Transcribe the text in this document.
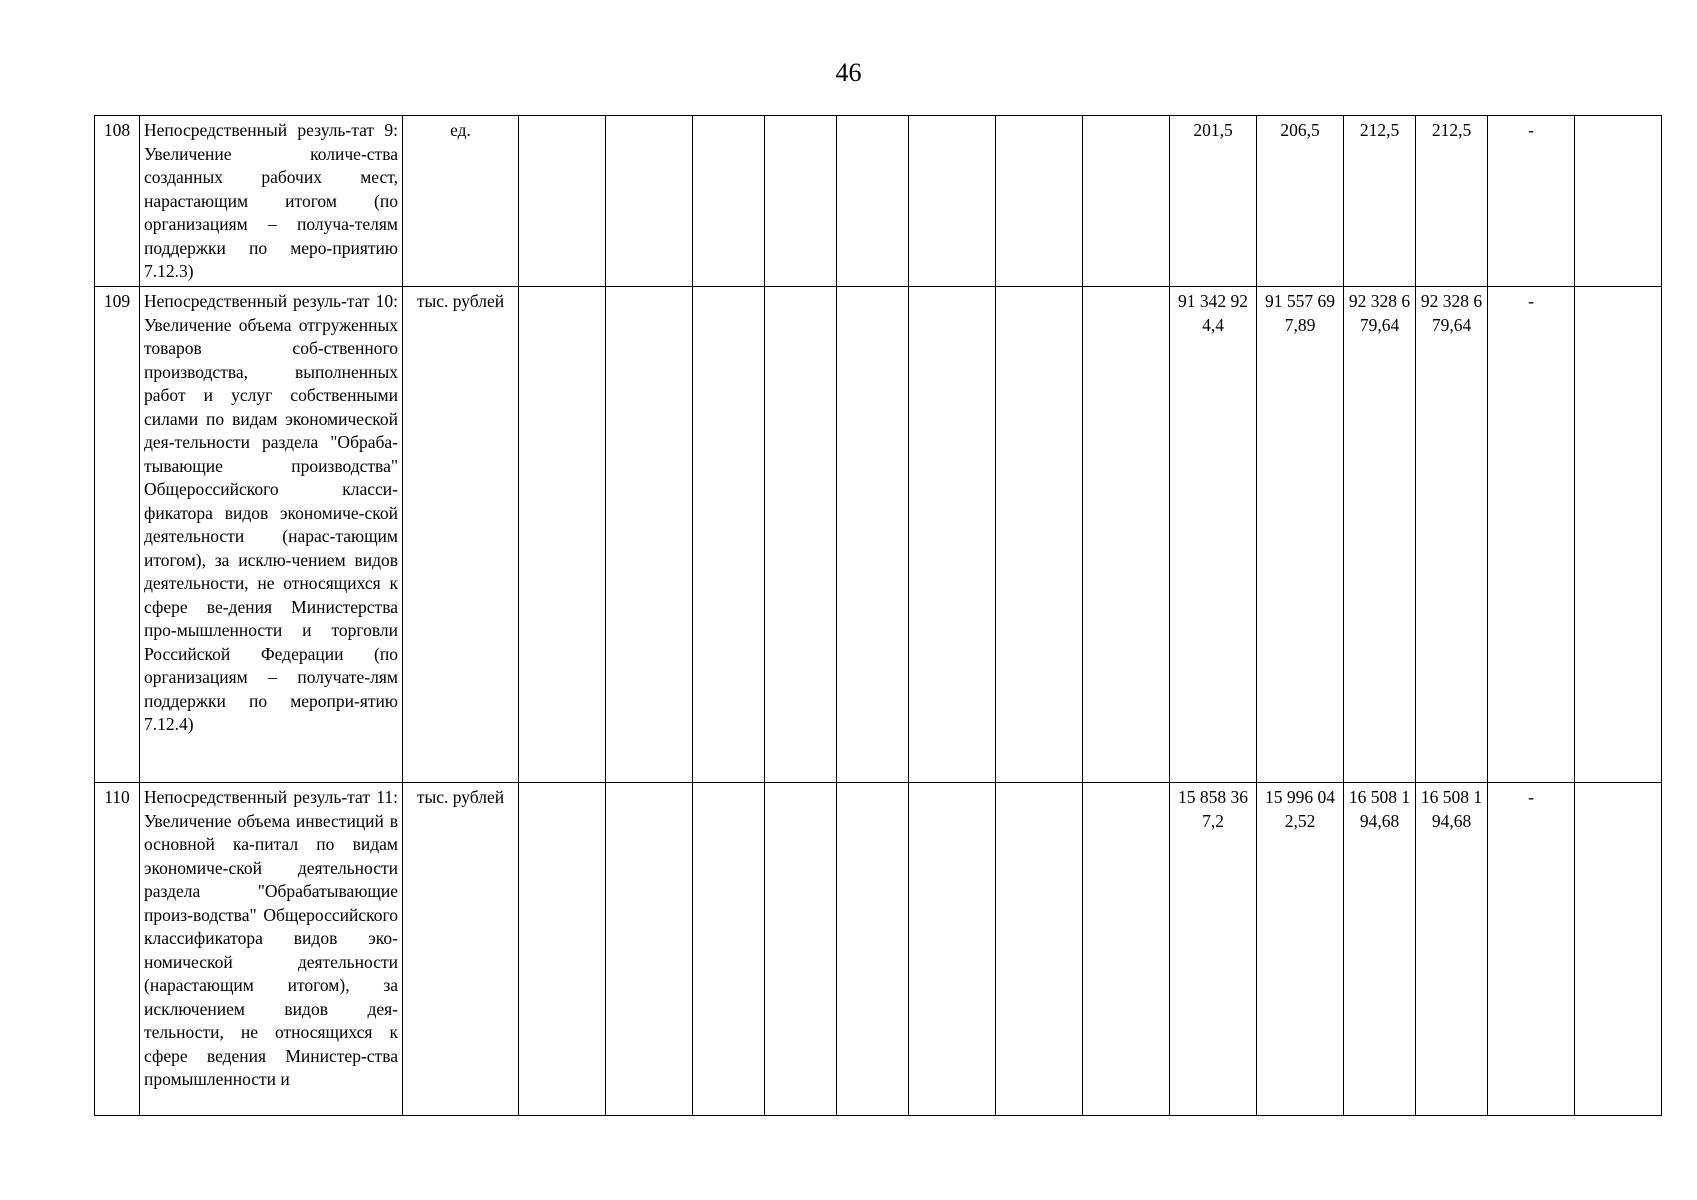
46
108	Непосредственный резуль-тат 9: Увеличение количе-ства созданных рабочих мест, нарастающим итогом (по организациям – получа-телям поддержки по меро-приятию 7.12.3)	ед.									201,5	206,5	212,5	212,5	-	
109	Непосредственный резуль-тат 10: Увеличение объема отгруженных товаров соб-ственного производства, выполненных работ и услуг собственными силами по видам экономической дея-тельности раздела "Обраба-тывающие производства" Общероссийского класси-фикатора видов экономиче-ской деятельности (нарас-тающим итогом), за исклю-чением видов деятельности, не относящихся к сфере ве-дения Министерства про-мышленности и торговли Российской Федерации (по организациям – получате-лям поддержки по меропри-ятию 7.12.4)	тыс. рублей									91 342 924,4	91 557 697,89	92 328 679,64	92 328 679,64	-	
110	Непосредственный резуль-тат 11: Увеличение объема инвестиций в основной ка-питал по видам экономиче-ской деятельности раздела "Обрабатывающие произ-водства" Общероссийского классификатора видов эко-номической деятельности (нарастающим итогом), за исключением видов дея-тельности, не относящихся к сфере ведения Министер-ства промышленности и	тыс. рублей									15 858 367,2	15 996 042,52	16 508 194,68	16 508 194,68	-	
